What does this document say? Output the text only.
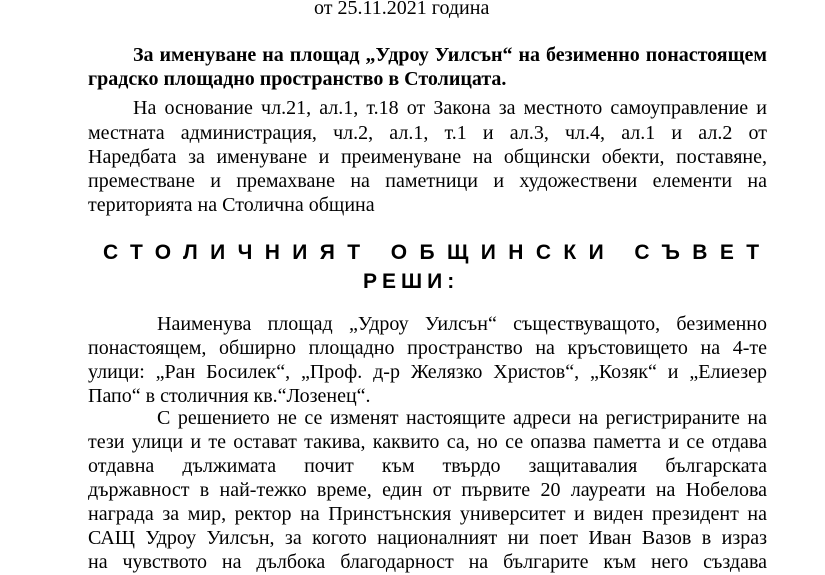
от 25.11.2021 година

За именуване на площад „Удроу Уилсън“ на безименно понастоящем

градско площадно пространство в Столицата.

На основание чл.21, ал.1, т.18 от Закона за местното самоуправление и

местната администрация, чл.2, ал.1, т.1 и ал.3, чл.4, ал.1 и ал.2 от

Наредбата за именуване и преименуване на общински обекти, поставяне,

преместване и премахване на паметници и художествени елементи на

територията на Столична община

СТОЛИЧНИЯТ ОБЩИНСКИ СЪВЕТ

РЕШИ:

Наименува площад „Удроу Уилсън“ съществуващото, безименно

понастоящем, обширно площадно пространство на кръстовището на 4-те

улици: „Ран Босилек“, „Проф. д-р Желязко Христов“, „Козяк“ и „Елиезер

Папо“ в столичния кв.“Лозенец“.

С решението не се изменят настоящите адреси на регистрираните на

тези улици и те остават такива, каквито са, но се опазва паметта и се отдава

отдавна дължимата почит към твърдо защитавалия българската

държавност в най-тежко време, един от първите 20 лауреати на Нобелова

награда за мир, ректор на Принстънския университет и виден президент на

САЩ Удроу Уилсън, за когото националният ни поет Иван Вазов в израз

на чувството на дълбока благодарност на българите към него създава
